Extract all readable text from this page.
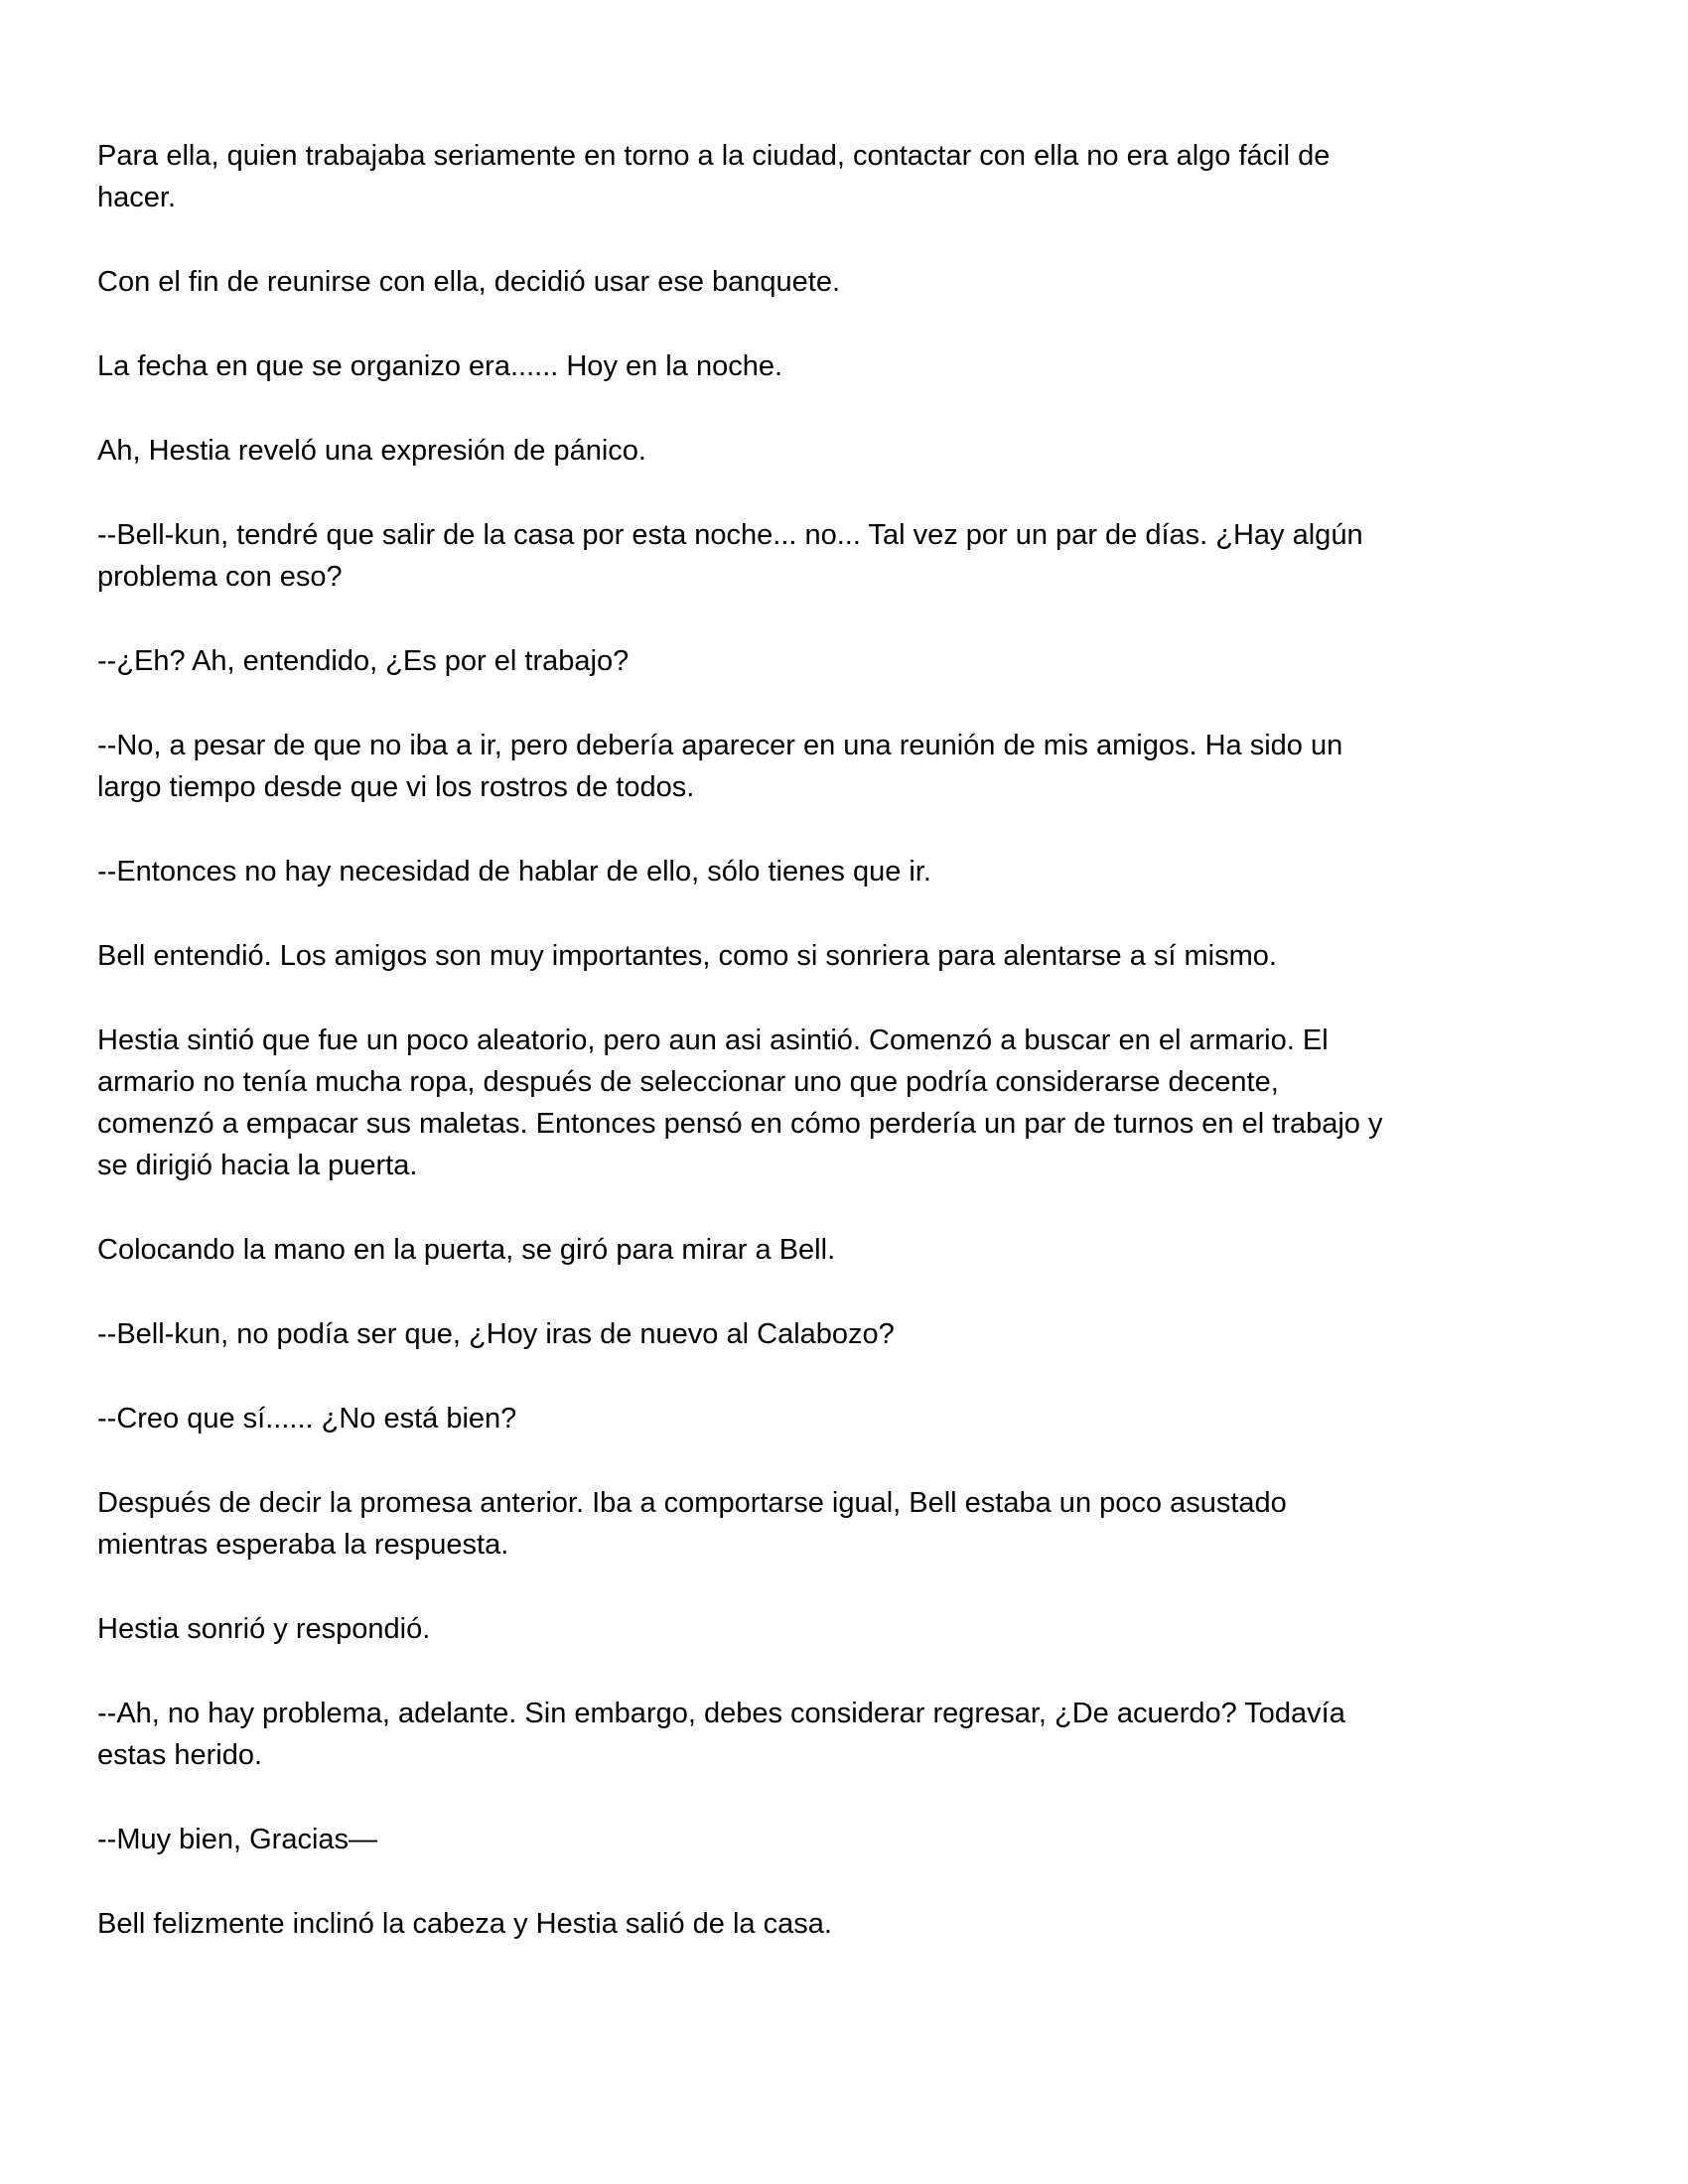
Para ella, quien trabajaba seriamente en torno a la ciudad, contactar con ella no era algo fácil de
hacer.

Con el fin de reunirse con ella, decidió usar ese banquete.

La fecha en que se organizo era...... Hoy en la noche.

Ah, Hestia reveló una expresión de pánico.

--Bell-kun, tendré que salir de la casa por esta noche... no... Tal vez por un par de días. ¿Hay algún
problema con eso?

--¿Eh? Ah, entendido, ¿Es por el trabajo?

--No, a pesar de que no iba a ir, pero debería aparecer en una reunión de mis amigos. Ha sido un
largo tiempo desde que vi los rostros de todos.

--Entonces no hay necesidad de hablar de ello, sólo tienes que ir.

Bell entendió. Los amigos son muy importantes, como si sonriera para alentarse a sí mismo.

Hestia sintió que fue un poco aleatorio, pero aun asi asintió. Comenzó a buscar en el armario. El
armario no tenía mucha ropa, después de seleccionar uno que podría considerarse decente,
comenzó a empacar sus maletas. Entonces pensó en cómo perdería un par de turnos en el trabajo y
se dirigió hacia la puerta.

Colocando la mano en la puerta, se giró para mirar a Bell.

--Bell-kun, no podía ser que, ¿Hoy iras de nuevo al Calabozo?

--Creo que sí...... ¿No está bien?

Después de decir la promesa anterior. Iba a comportarse igual, Bell estaba un poco asustado
mientras esperaba la respuesta.

Hestia sonrió y respondió.

--Ah, no hay problema, adelante. Sin embargo, debes considerar regresar, ¿De acuerdo? Todavía
estas herido.

--Muy bien, Gracias—

Bell felizmente inclinó la cabeza y Hestia salió de la casa.
